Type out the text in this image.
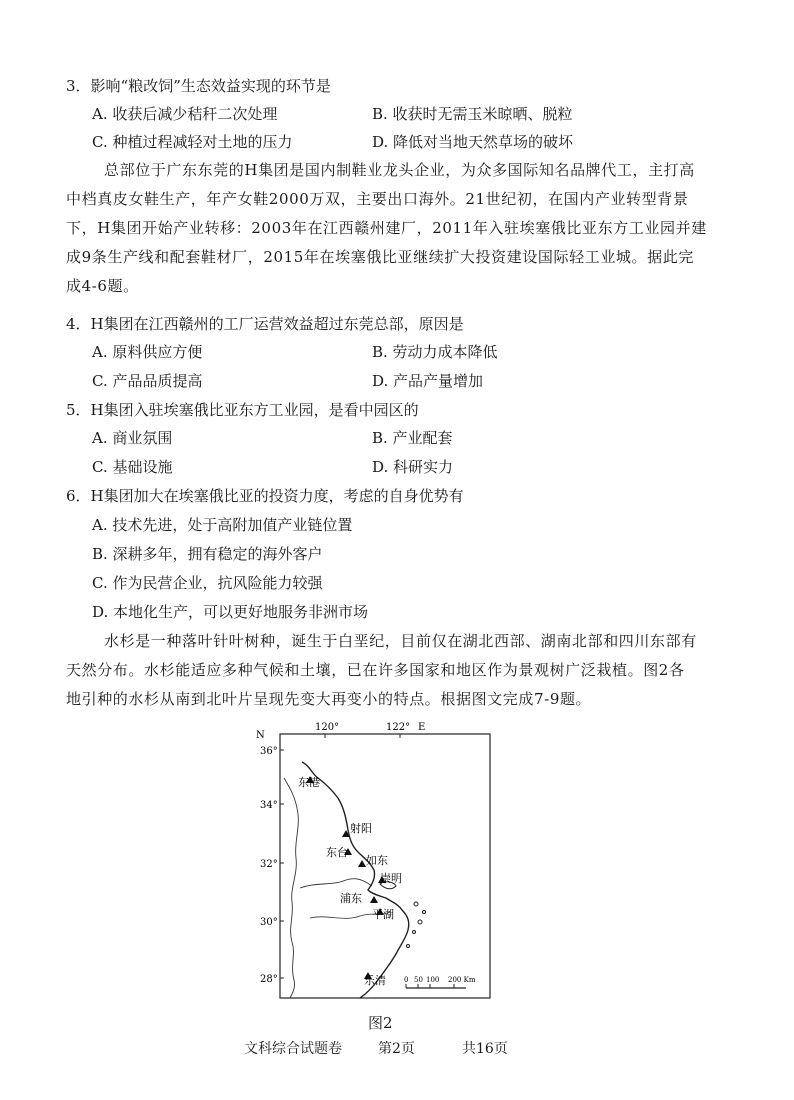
3．影响“粮改饲”生态效益实现的环节是
A. 收获后减少秸秆二次处理	B. 收获时无需玉米晾晒、脱粒
C. 种植过程减轻对土地的压力	D. 降低对当地天然草场的破坏
总部位于广东东莞的H集团是国内制鞋业龙头企业，为众多国际知名品牌代工，主打高
中档真皮女鞋生产，年产女鞋2000万双，主要出口海外。21世纪初，在国内产业转型背景
下，H集团开始产业转移：2003年在江西赣州建厂，2011年入驻埃塞俄比亚东方工业园并建
成9条生产线和配套鞋材厂，2015年在埃塞俄比亚继续扩大投资建设国际轻工业城。据此完
成4-6题。
4．H集团在江西赣州的工厂运营效益超过东莞总部，原因是
A. 原料供应方便	B. 劳动力成本降低
C. 产品品质提高	D. 产品产量增加
5．H集团入驻埃塞俄比亚东方工业园，是看中园区的
A. 商业氛围	B. 产业配套
C. 基础设施	D. 科研实力
6．H集团加大在埃塞俄比亚的投资力度，考虑的自身优势有
A. 技术先进，处于高附加值产业链位置
B. 深耕多年，拥有稳定的海外客户
C. 作为民营企业，抗风险能力较强
D. 本地化生产，可以更好地服务非洲市场
水杉是一种落叶针叶树种，诞生于白垩纪，目前仅在湖北西部、湖南北部和四川东部有
天然分布。水杉能适应多种气候和土壤，已在许多国家和地区作为景观树广泛栽植。图2各
地引种的水杉从南到北叶片呈现先变大再变小的特点。根据图文完成7-9题。
120°	122° E
N
36°
34°
32°
30°
28°
东港
射阳
东台
如东
崇明
浦东
平湖
乐清	0 50 100 200 Km
图2
文科综合试题卷	第2页	共16页
